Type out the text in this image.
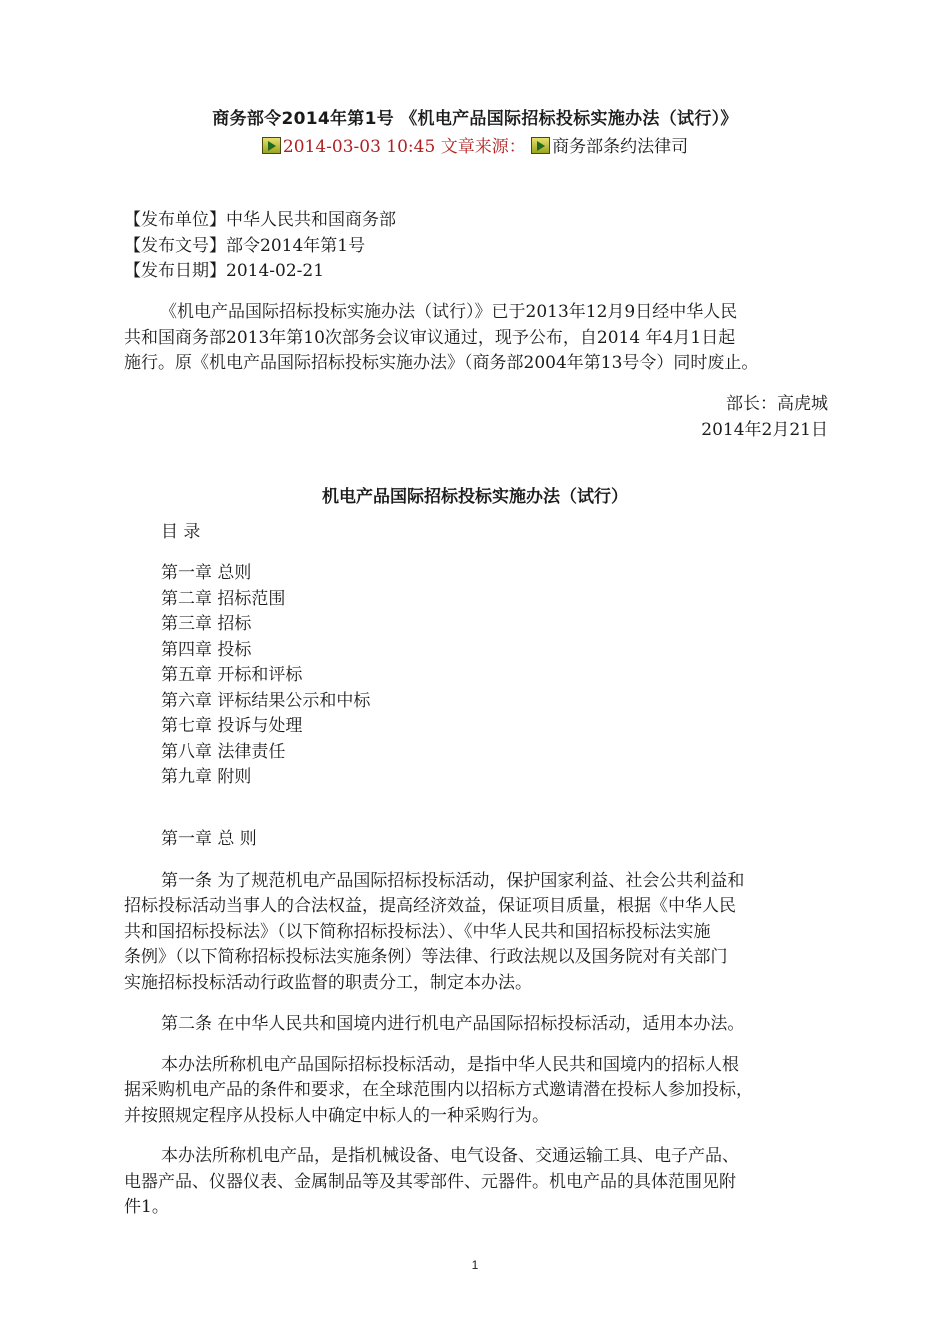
商务部令2014年第1号 《机电产品国际招标投标实施办法（试行）》
2014-03-03 10:45 文章来源： 商务部条约法律司
【发布单位】中华人民共和国商务部
【发布文号】部令2014年第1号
【发布日期】2014-02-21
《机电产品国际招标投标实施办法（试行）》已于2013年12月9日经中华人民
共和国商务部2013年第10次部务会议审议通过，现予公布，自2014 年4月1日起
施行。原《机电产品国际招标投标实施办法》（商务部2004年第13号令）同时废止。
部长：高虎城
2014年2月21日
机电产品国际招标投标实施办法（试行）
目 录
第一章 总则
第二章 招标范围
第三章 招标
第四章 投标
第五章 开标和评标
第六章 评标结果公示和中标
第七章 投诉与处理
第八章 法律责任
第九章 附则
第一章 总 则
第一条 为了规范机电产品国际招标投标活动，保护国家利益、社会公共利益和
招标投标活动当事人的合法权益，提高经济效益，保证项目质量，根据《中华人民
共和国招标投标法》（以下简称招标投标法）、《中华人民共和国招标投标法实施
条例》（以下简称招标投标法实施条例）等法律、行政法规以及国务院对有关部门
实施招标投标活动行政监督的职责分工，制定本办法。
第二条 在中华人民共和国境内进行机电产品国际招标投标活动，适用本办法。
本办法所称机电产品国际招标投标活动，是指中华人民共和国境内的招标人根
据采购机电产品的条件和要求，在全球范围内以招标方式邀请潜在投标人参加投标，
并按照规定程序从投标人中确定中标人的一种采购行为。
本办法所称机电产品，是指机械设备、电气设备、交通运输工具、电子产品、
电器产品、仪器仪表、金属制品等及其零部件、元器件。机电产品的具体范围见附
件1。
1
